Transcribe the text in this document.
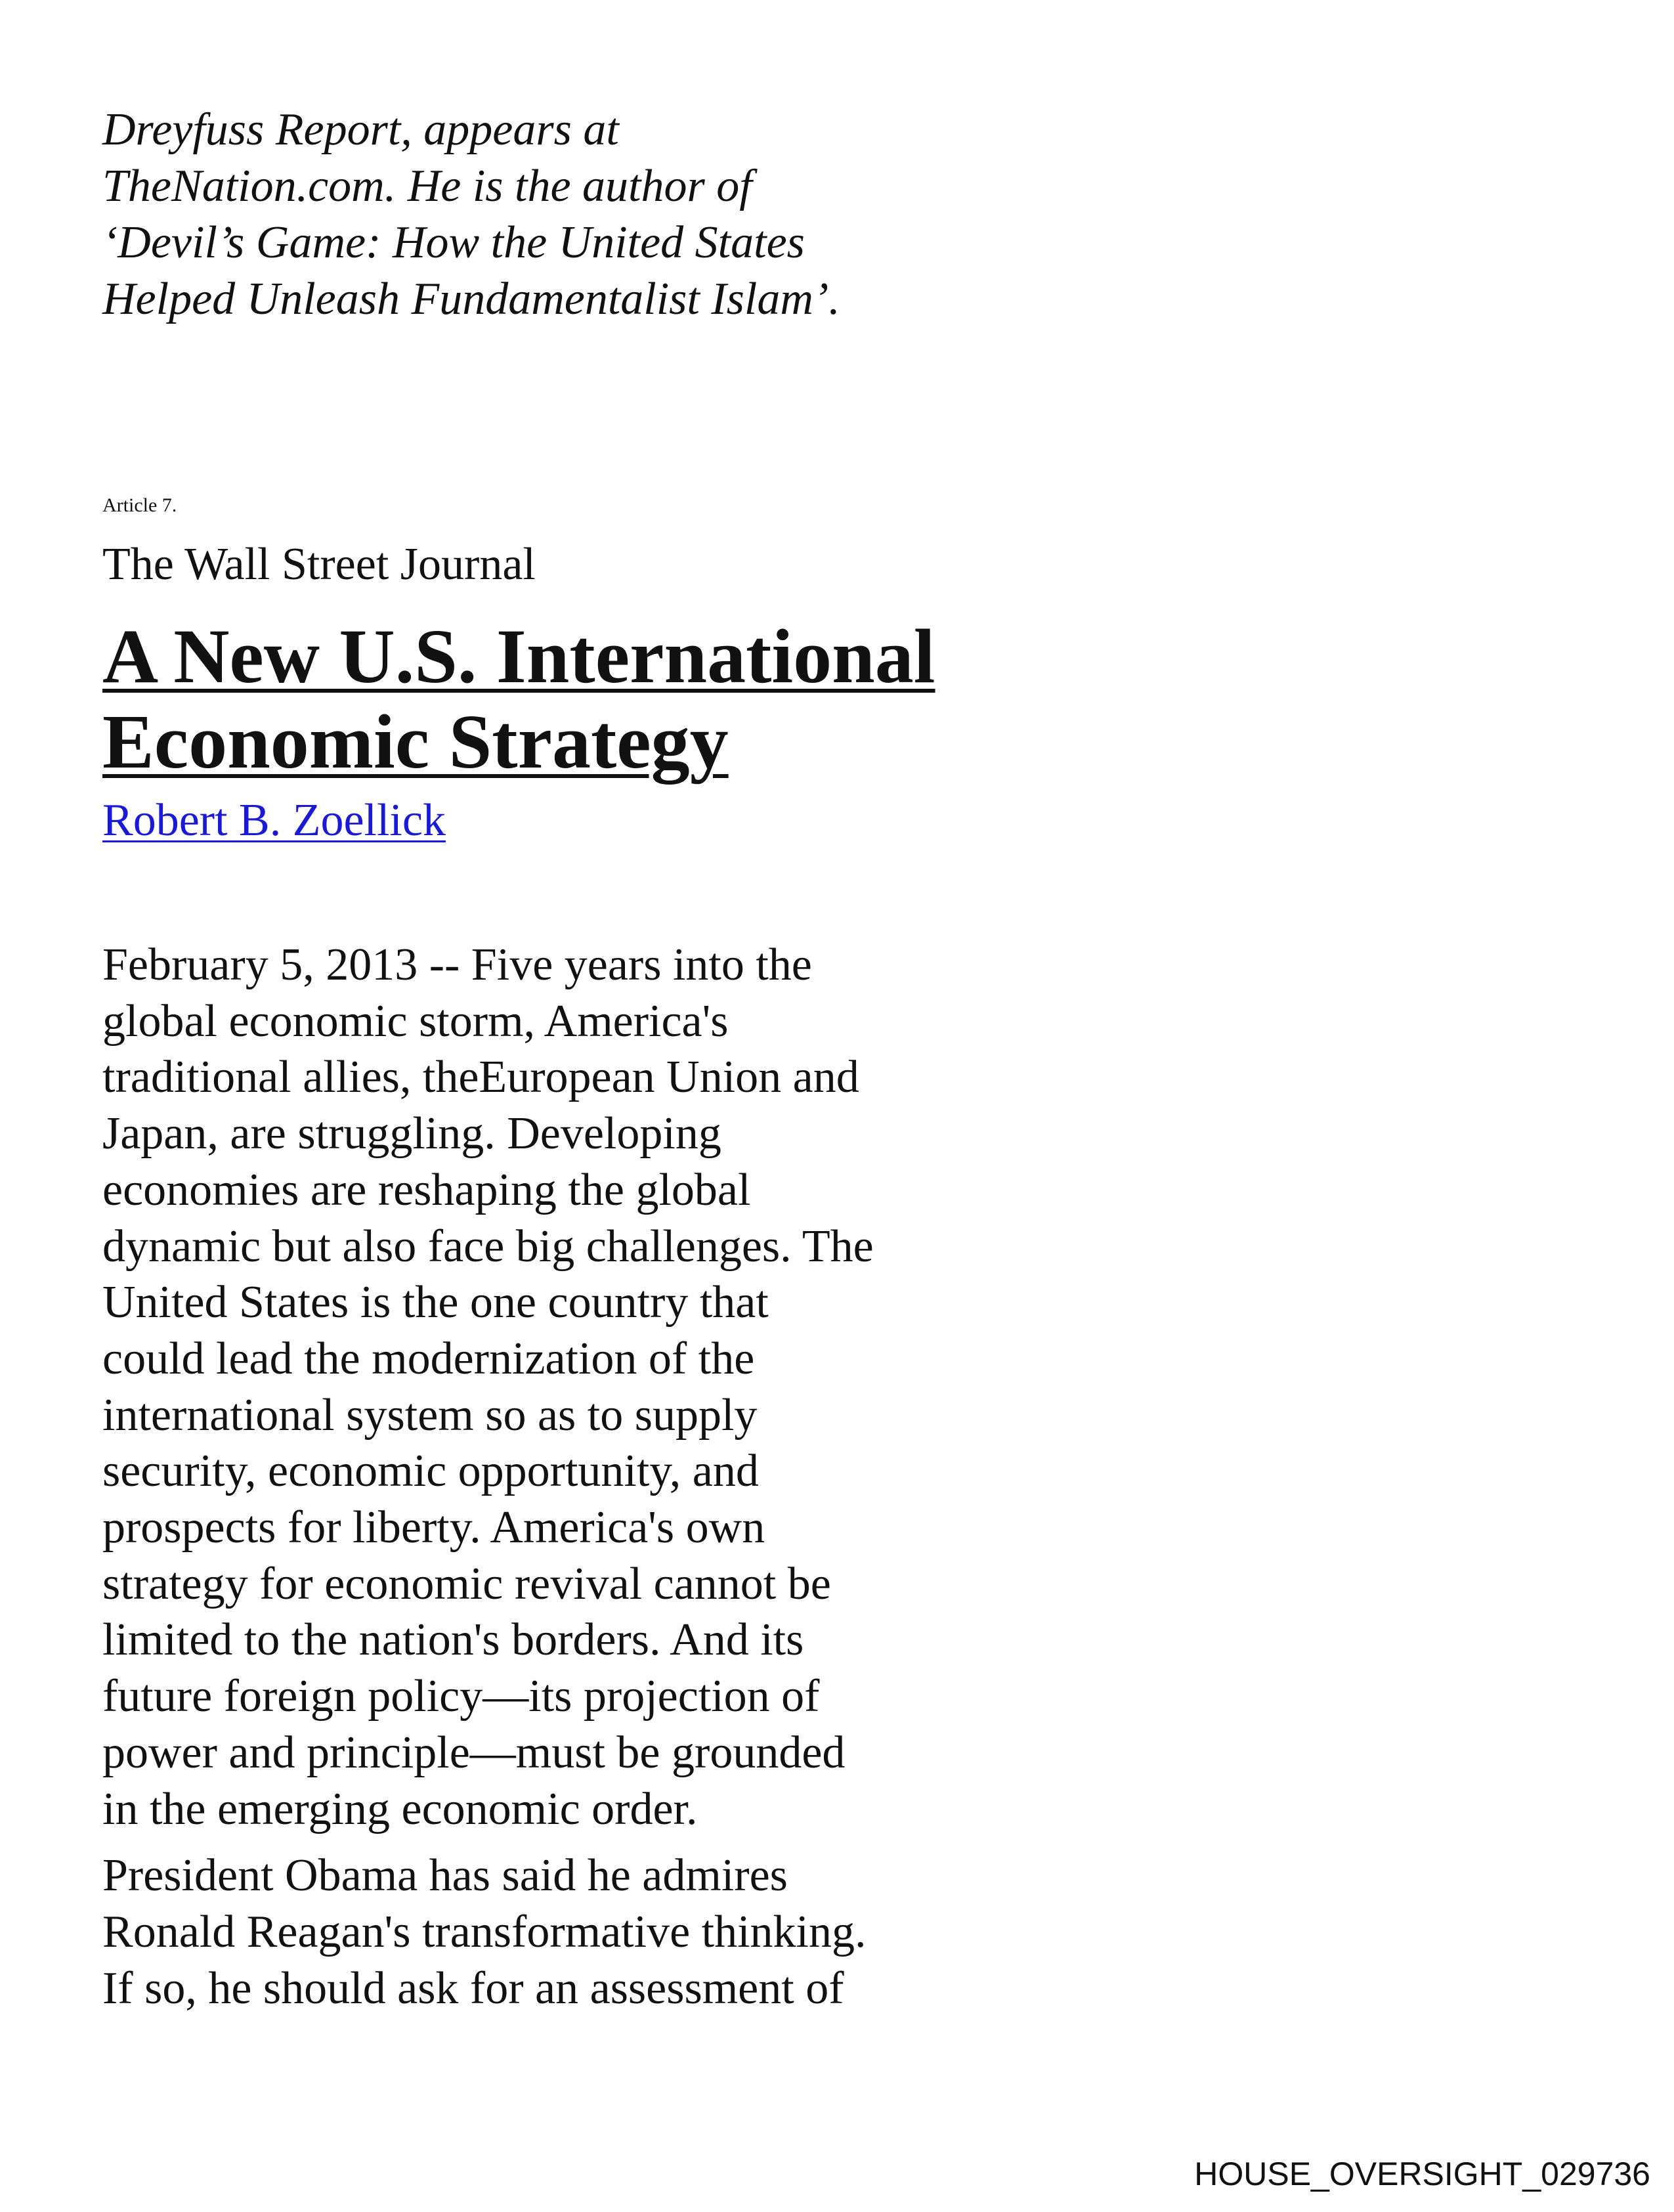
Dreyfuss Report, appears at
TheNation.com. He is the author of
‘Devil’s Game: How the United States
Helped Unleash Fundamentalist Islam’.
Article 7.
The Wall Street Journal
A New U.S. International
Economic Strategy
Robert B. Zoellick
February 5, 2013 -- Five years into the
global economic storm, America's
traditional allies, theEuropean Union and
Japan, are struggling. Developing
economies are reshaping the global
dynamic but also face big challenges. The
United States is the one country that
could lead the modernization of the
international system so as to supply
security, economic opportunity, and
prospects for liberty. America's own
strategy for economic revival cannot be
limited to the nation's borders. And its
future foreign policy—its projection of
power and principle—must be grounded
in the emerging economic order.
President Obama has said he admires
Ronald Reagan's transformative thinking.
If so, he should ask for an assessment of
HOUSE_OVERSIGHT_029736
